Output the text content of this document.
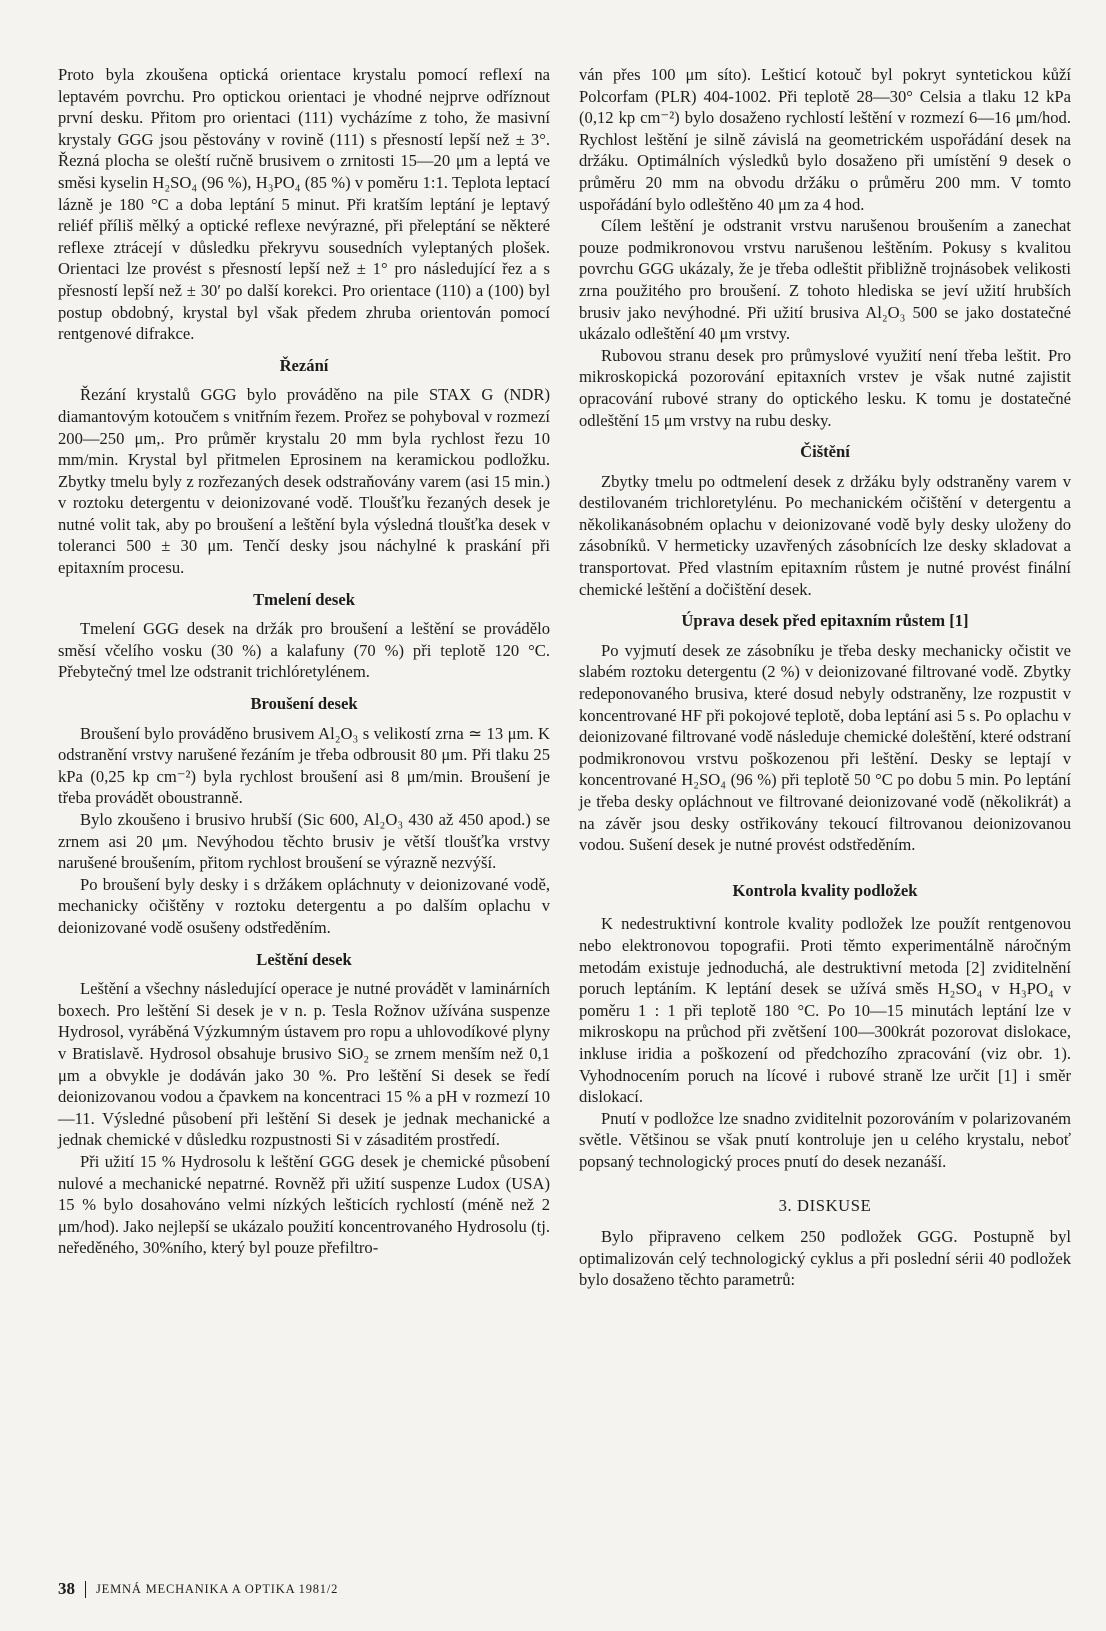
Proto byla zkoušena optická orientace krystalu pomocí reflexí na leptavém povrchu. Pro optickou orientaci je vhodné nejprve odříznout první desku. Přitom pro orientaci (111) vycházíme z toho, že masivní krystaly GGG jsou pěstovány v rovině (111) s přesností lepší než ± 3°. Řezná plocha se oleští ručně brusivem o zrnitosti 15—20 μm a leptá ve směsi kyselin H₂SO₄ (96 %), H₃PO₄ (85 %) v poměru 1:1. Teplota leptací lázně je 180 °C a doba leptání 5 minut. Při kratším leptání je leptavý reliéf příliš mělký a optické reflexe nevýrazné, při přeleptání se některé reflexe ztrácejí v důsledku překryvu sousedních vyleptaných plošek. Orientaci lze provést s přesností lepší než ± 1° pro následující řez a s přesností lepší než ± 30′ po další korekci. Pro orientace (110) a (100) byl postup obdobný, krystal byl však předem zhruba orientován pomocí rentgenové difrakce.

Řezání

Řezání krystalů GGG bylo prováděno na pile STAX G (NDR) diamantovým kotoučem s vnitřním řezem. Prořez se pohyboval v rozmezí 200—250 μm,. Pro průměr krystalu 20 mm byla rychlost řezu 10 mm/min. Krystal byl přitmelen Eprosinem na keramickou podložku. Zbytky tmelu byly z rozřezaných desek odstraňovány varem (asi 15 min.) v roztoku detergentu v deionizované vodě. Tloušťku řezaných desek je nutné volit tak, aby po broušení a leštění byla výsledná tloušťka desek v toleranci 500 ± 30 μm. Tenčí desky jsou náchylné k praskání při epitaxním procesu.

Tmelení desek

Tmelení GGG desek na držák pro broušení a leštění se provádělo směsí včelího vosku (30 %) a kalafuny (70 %) při teplotě 120 °C. Přebytečný tmel lze odstranit trichlóretylénem.

Broušení desek

Broušení bylo prováděno brusivem Al₂O₃ s velikostí zrna ≃ 13 μm. K odstranění vrstvy narušené řezáním je třeba odbrousit 80 μm. Při tlaku 25 kPa (0,25 kp cm⁻²) byla rychlost broušení asi 8 μm/min. Broušení je třeba provádět oboustranně.

Bylo zkoušeno i brusivo hrubší (Sic 600, Al₂O₃ 430 až 450 apod.) se zrnem asi 20 μm. Nevýhodou těchto brusiv je větší tloušťka vrstvy narušené broušením, přitom rychlost broušení se výrazně nezvýší.

Po broušení byly desky i s držákem opláchnuty v deionizované vodě, mechanicky očištěny v roztoku detergentu a po dalším oplachu v deionizované vodě osušeny odstředěním.

Leštění desek

Leštění a všechny následující operace je nutné provádět v laminárních boxech. Pro leštění Si desek je v n. p. Tesla Rožnov užívána suspenze Hydrosol, vyráběná Výzkumným ústavem pro ropu a uhlovodíkové plyny v Bratislavě. Hydrosol obsahuje brusivo SiO₂ se zrnem menším než 0,1 μm a obvykle je dodáván jako 30 %. Pro leštění Si desek se ředí deionizovanou vodou a čpavkem na koncentraci 15 % a pH v rozmezí 10—11. Výsledné působení při leštění Si desek je jednak mechanické a jednak chemické v důsledku rozpustnosti Si v zásaditém prostředí.

Při užití 15 % Hydrosolu k leštění GGG desek je chemické působení nulové a mechanické nepatrné. Rovněž při užití suspenze Ludox (USA) 15 % bylo dosahováno velmi nízkých lešticích rychlostí (méně než 2 μm/hod). Jako nejlepší se ukázalo použití koncentrovaného Hydrosolu (tj. neředěného, 30%ního, který byl pouze přefiltro-

ván přes 100 μm síto). Lešticí kotouč byl pokryt syntetickou kůží Polcorfam (PLR) 404-1002. Při teplotě 28—30° Celsia a tlaku 12 kPa (0,12 kp cm⁻²) bylo dosaženo rychlostí leštění v rozmezí 6—16 μm/hod. Rychlost leštění je silně závislá na geometrickém uspořádání desek na držáku. Optimálních výsledků bylo dosaženo při umístění 9 desek o průměru 20 mm na obvodu držáku o průměru 200 mm. V tomto uspořádání bylo odleštěno 40 μm za 4 hod.

Cílem leštění je odstranit vrstvu narušenou broušením a zanechat pouze podmikronovou vrstvu narušenou leštěním. Pokusy s kvalitou povrchu GGG ukázaly, že je třeba odleštit přibližně trojnásobek velikosti zrna použitého pro broušení. Z tohoto hlediska se jeví užití hrubších brusiv jako nevýhodné. Při užití brusiva Al₂O₃ 500 se jako dostatečné ukázalo odleštění 40 μm vrstvy.

Rubovou stranu desek pro průmyslové využití není třeba leštit. Pro mikroskopická pozorování epitaxních vrstev je však nutné zajistit opracování rubové strany do optického lesku. K tomu je dostatečné odleštění 15 μm vrstvy na rubu desky.

Čištění

Zbytky tmelu po odtmelení desek z držáku byly odstraněny varem v destilovaném trichloretylénu. Po mechanickém očištění v detergentu a několikanásobném oplachu v deionizované vodě byly desky uloženy do zásobníků. V hermeticky uzavřených zásobnících lze desky skladovat a transportovat. Před vlastním epitaxním růstem je nutné provést finální chemické leštění a dočištění desek.

Úprava desek před epitaxním růstem [1]

Po vyjmutí desek ze zásobníku je třeba desky mechanicky očistit ve slabém roztoku detergentu (2 %) v deionizované filtrované vodě. Zbytky redeponovaného brusiva, které dosud nebyly odstraněny, lze rozpustit v koncentrované HF při pokojové teplotě, doba leptání asi 5 s. Po oplachu v deionizované filtrované vodě následuje chemické doleštění, které odstraní podmikronovou vrstvu poškozenou při leštění. Desky se leptají v koncentrované H₂SO₄ (96 %) při teplotě 50 °C po dobu 5 min. Po leptání je třeba desky opláchnout ve filtrované deionizované vodě (několikrát) a na závěr jsou desky ostřikovány tekoucí filtrovanou deionizovanou vodou. Sušení desek je nutné provést odstředěním.

Kontrola kvality podložek

K nedestruktivní kontrole kvality podložek lze použít rentgenovou nebo elektronovou topografii. Proti těmto experimentálně náročným metodám existuje jednoduchá, ale destruktivní metoda [2] zviditelnění poruch leptáním. K leptání desek se užívá směs H₂SO₄ v H₃PO₄ v poměru 1 : 1 při teplotě 180 °C. Po 10—15 minutách leptání lze v mikroskopu na průchod při zvětšení 100—300krát pozorovat dislokace, inkluse iridia a poškození od předchozího zpracování (viz obr. 1). Vyhodnocením poruch na lícové i rubové straně lze určit [1] i směr dislokací.

Pnutí v podložce lze snadno zviditelnit pozorováním v polarizovaném světle. Většinou se však pnutí kontroluje jen u celého krystalu, neboť popsaný technologický proces pnutí do desek nezanáší.

3. DISKUSE

Bylo připraveno celkem 250 podložek GGG. Postupně byl optimalizován celý technologický cyklus a při poslední sérii 40 podložek bylo dosaženo těchto parametrů:

38 JEMNÁ MECHANIKA A OPTIKA 1981/2
